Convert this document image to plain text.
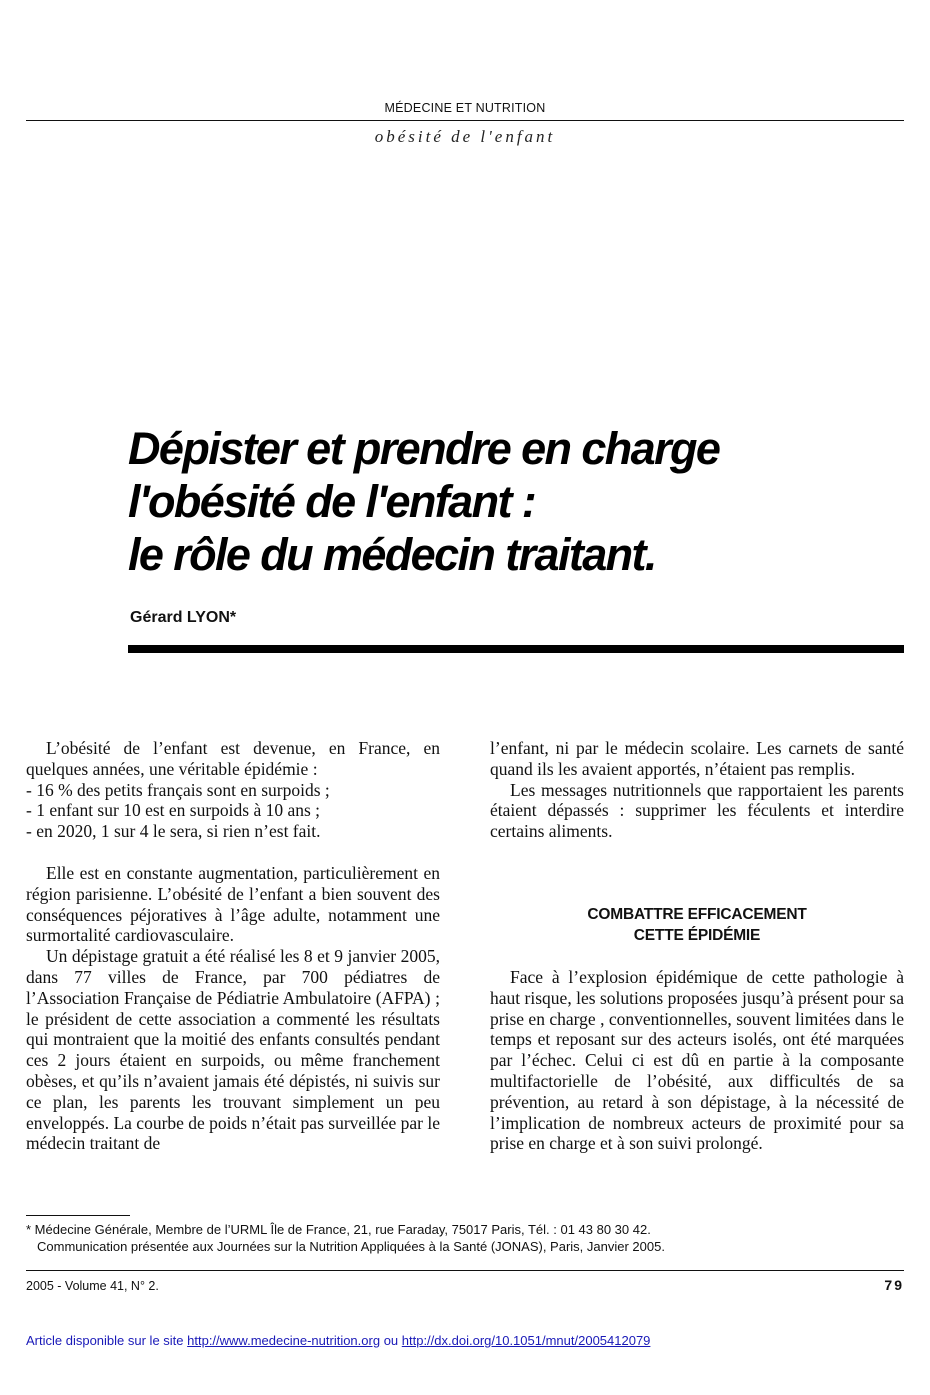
MÉDECINE ET NUTRITION
obésité de l'enfant
Dépister et prendre en charge
l'obésité de l'enfant :
le rôle du médecin traitant.
Gérard LYON*

L’obésité de l’enfant est devenue, en France, en quelques années, une véritable épidémie :

- 16 % des petits français sont en surpoids ;

- 1 enfant sur 10 est en surpoids à 10 ans ;

- en 2020, 1 sur 4 le sera, si rien n’est fait.

Elle est en constante augmentation, particulièrement en région parisienne. L’obésité de l’enfant a bien souvent des conséquences péjoratives à l’âge adulte, notamment une surmortalité cardiovasculaire.

Un dépistage gratuit a été réalisé les 8 et 9 janvier 2005, dans 77 villes de France, par 700 pédiatres de l’Association Française de Pédiatrie Ambulatoire (AFPA) ; le président de cette association a commenté les résultats qui montraient que la moitié des enfants consultés pendant ces 2 jours étaient en surpoids, ou même franchement obèses, et qu’ils n’avaient jamais été dépistés, ni suivis sur ce plan, les parents les trouvant simplement un peu enveloppés. La courbe de poids n’était pas surveillée par le médecin traitant de

l’enfant, ni par le médecin scolaire. Les carnets de santé quand ils les avaient apportés, n’étaient pas remplis.

Les messages nutritionnels que rapportaient les parents étaient dépassés : supprimer les féculents et interdire certains aliments.

COMBATTRE EFFICACEMENT
CETTE ÉPIDÉMIE

Face à l’explosion épidémique de cette pathologie à haut risque, les solutions proposées jusqu’à présent pour sa prise en charge , conventionnelles, souvent limitées dans le temps et reposant sur des acteurs isolés, ont été marquées par l’échec. Celui ci est dû en partie à la composante multifactorielle de l’obésité, aux difficultés de sa prévention, au retard à son dépistage, à la nécessité de l’implication de nombreux acteurs de proximité pour sa prise en charge et à son suivi prolongé.

* Médecine Générale, Membre de l’URML Île de France, 21, rue Faraday, 75017 Paris, Tél. : 01 43 80 30 42.
Communication présentée aux Journées sur la Nutrition Appliquées à la Santé (JONAS), Paris, Janvier 2005.
2005 - Volume 41, N° 2.	79
Article disponible sur le site http://www.medecine-nutrition.org ou http://dx.doi.org/10.1051/mnut/2005412079
